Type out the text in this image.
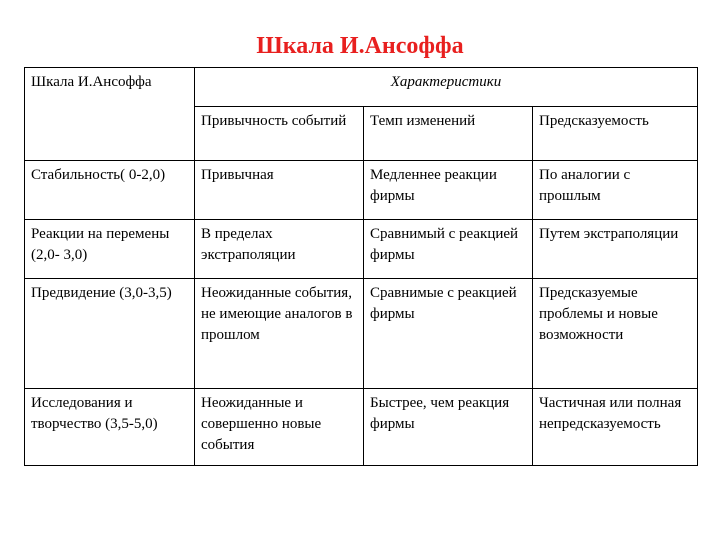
Шкала И.Ансоффа
Шкала И.Ансоффа	Характеристики		
	Привычность событий	Темп изменений	Предсказуемость
Стабильность( 0-2,0)	Привычная	Медленнее реакции фирмы	По аналогии с прошлым
Реакции на перемены (2,0- 3,0)	В пределах экстраполяции	Сравнимый с реакцией фирмы	Путем экстраполяции
Предвидение (3,0-3,5)	Неожиданные события, не имеющие аналогов в прошлом	Сравнимые с реакцией фирмы	Предсказуемые проблемы и новые возможности
Исследования и творчество (3,5-5,0)	Неожиданные и совершенно новые события	Быстрее, чем реакция фирмы	Частичная или полная непредсказуемость
